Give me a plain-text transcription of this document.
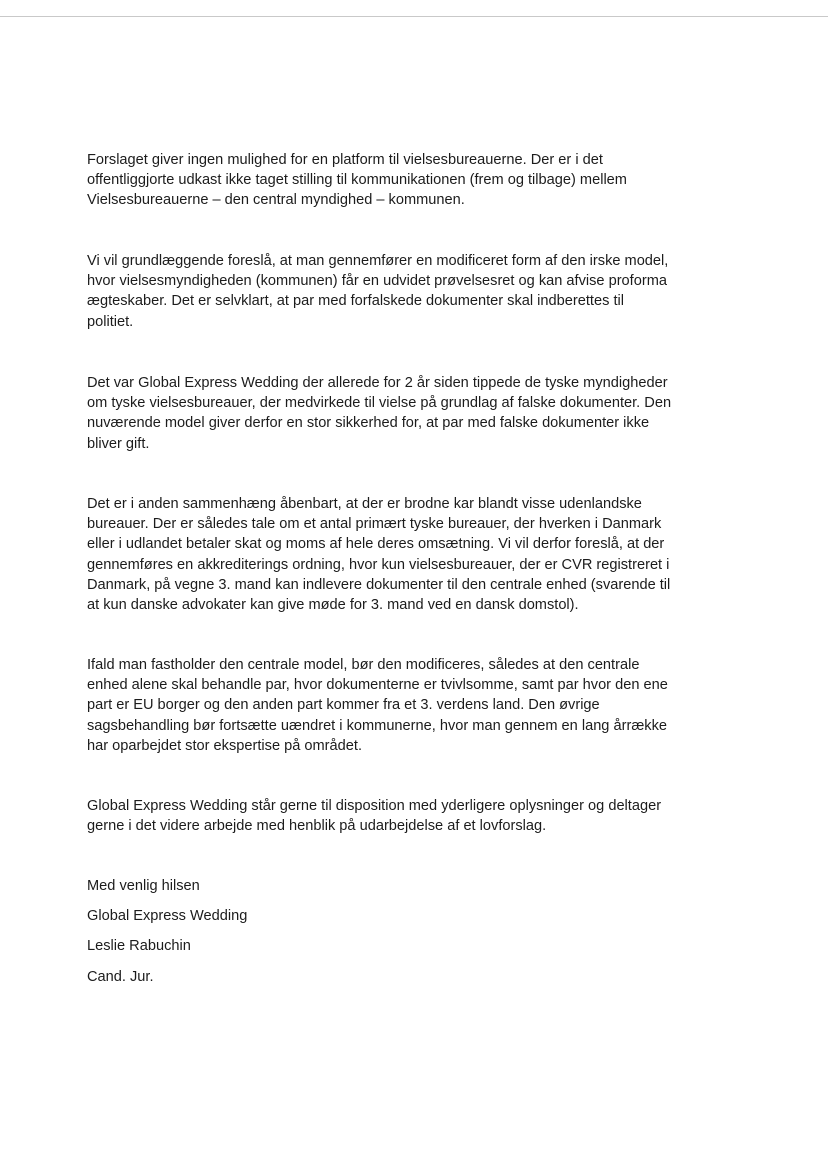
Forslaget giver ingen mulighed for en platform til vielsesbureauerne. Der er i det
offentliggjorte udkast ikke taget stilling til kommunikationen (frem og tilbage) mellem
Vielsesbureauerne – den central myndighed – kommunen.
Vi vil grundlæggende foreslå, at man gennemfører en modificeret form af den irske model,
hvor vielsesmyndigheden (kommunen) får en udvidet prøvelsesret og kan afvise proforma
ægteskaber. Det er selvklart, at par med forfalskede dokumenter skal indberettes til
politiet.
Det var Global Express Wedding der allerede for 2 år siden tippede de tyske myndigheder
om tyske vielsesbureauer, der medvirkede til vielse på grundlag af falske dokumenter. Den
nuværende model giver derfor en stor sikkerhed for, at par med falske dokumenter ikke
bliver gift.
Det er i anden sammenhæng åbenbart, at der er brodne kar blandt visse udenlandske
bureauer. Der er således tale om et antal primært tyske bureauer, der hverken i Danmark
eller i udlandet betaler skat og moms af hele deres omsætning. Vi vil derfor foreslå, at der
gennemføres en akkrediterings ordning, hvor kun vielsesbureauer, der er CVR registreret i
Danmark, på vegne 3. mand kan indlevere dokumenter til den centrale enhed (svarende til
at kun danske advokater kan give møde for 3. mand ved en dansk domstol).
Ifald man fastholder den centrale model, bør den modificeres, således at den centrale
enhed alene skal behandle par, hvor dokumenterne er tvivlsomme, samt par hvor den ene
part er EU borger og den anden part kommer fra et 3. verdens land. Den øvrige
sagsbehandling bør fortsætte uændret i kommunerne, hvor man gennem en lang årrække
har oparbejdet stor ekspertise på området.
Global Express Wedding står gerne til disposition med yderligere oplysninger og deltager
gerne i det videre arbejde med henblik på udarbejdelse af et lovforslag.
Med venlig hilsen
Global Express Wedding
Leslie Rabuchin
Cand. Jur.
